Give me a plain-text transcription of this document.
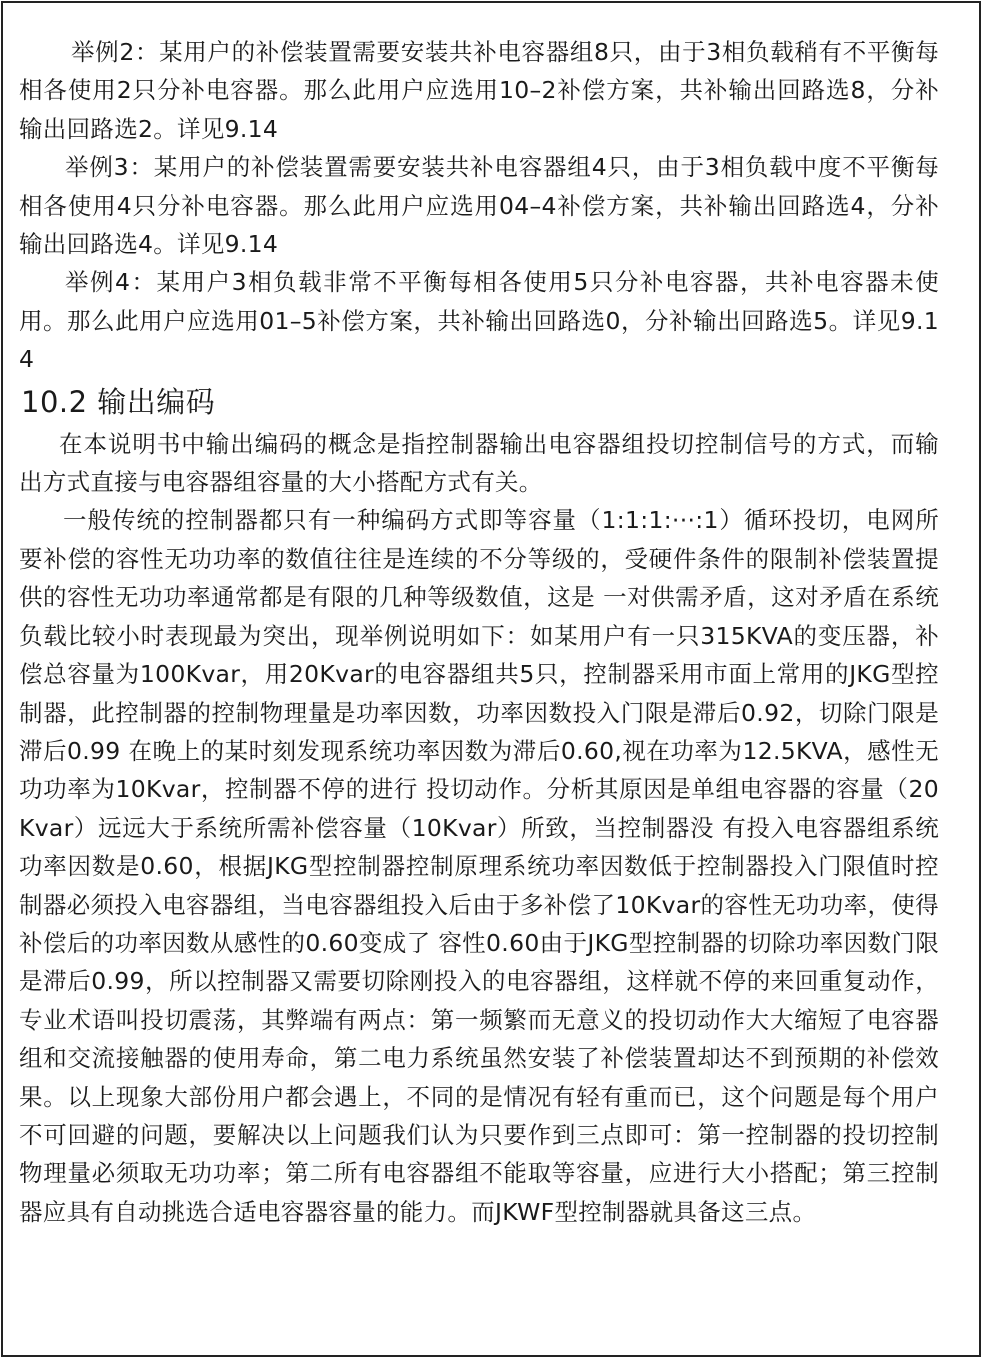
举例2：某用户的补偿装置需要安装共补电容器组8只，由于3相负载稍有不平衡每相各使用2只分补电容器。那么此用户应选用10–2补偿方案，共补输出回路选8，分补输出回路选2。详见9.14

举例3：某用户的补偿装置需要安装共补电容器组4只，由于3相负载中度不平衡每相各使用4只分补电容器。那么此用户应选用04–4补偿方案，共补输出回路选4，分补输出回路选4。详见9.14

举例4：某用户3相负载非常不平衡每相各使用5只分补电容器，共补电容器未使用。那么此用户应选用01–5补偿方案，共补输出回路选0，分补输出回路选5。详见9.14

10.2 输出编码

在本说明书中输出编码的概念是指控制器输出电容器组投切控制信号的方式，而输出方式直接与电容器组容量的大小搭配方式有关。

一般传统的控制器都只有一种编码方式即等容量（1:1:1:···:1）循环投切，电网所要补偿的容性无功功率的数值往往是连续的不分等级的，受硬件条件的限制补偿装置提供的容性无功功率通常都是有限的几种等级数值，这是 一对供需矛盾，这对矛盾在系统负载比较小时表现最为突出，现举例说明如下：如某用户有一只315KVA的变压器，补偿总容量为100Kvar，用20Kvar的电容器组共5只，控制器采用市面上常用的JKG型控制器，此控制器的控制物理量是功率因数，功率因数投入门限是滞后0.92，切除门限是滞后0.99 在晚上的某时刻发现系统功率因数为滞后0.60,视在功率为12.5KVA，感性无功功率为10Kvar，控制器不停的进行 投切动作。分析其原因是单组电容器的容量（20Kvar）远远大于系统所需补偿容量（10Kvar）所致，当控制器没 有投入电容器组系统功率因数是0.60，根据JKG型控制器控制原理系统功率因数低于控制器投入门限值时控制器必须投入电容器组，当电容器组投入后由于多补偿了10Kvar的容性无功功率，使得补偿后的功率因数从感性的0.60变成了 容性0.60由于JKG型控制器的切除功率因数门限是滞后0.99，所以控制器又需要切除刚投入的电容器组，这样就不停的来回重复动作，专业术语叫投切震荡，其弊端有两点：第一频繁而无意义的投切动作大大缩短了电容器组和交流接触器的使用寿命，第二电力系统虽然安装了补偿装置却达不到预期的补偿效果。以上现象大部份用户都会遇上，不同的是情况有轻有重而已，这个问题是每个用户不可回避的问题，要解决以上问题我们认为只要作到三点即可：第一控制器的投切控制物理量必须取无功功率；第二所有电容器组不能取等容量，应进行大小搭配；第三控制器应具有自动挑选合适电容器容量的能力。而JKWF型控制器就具备这三点。
